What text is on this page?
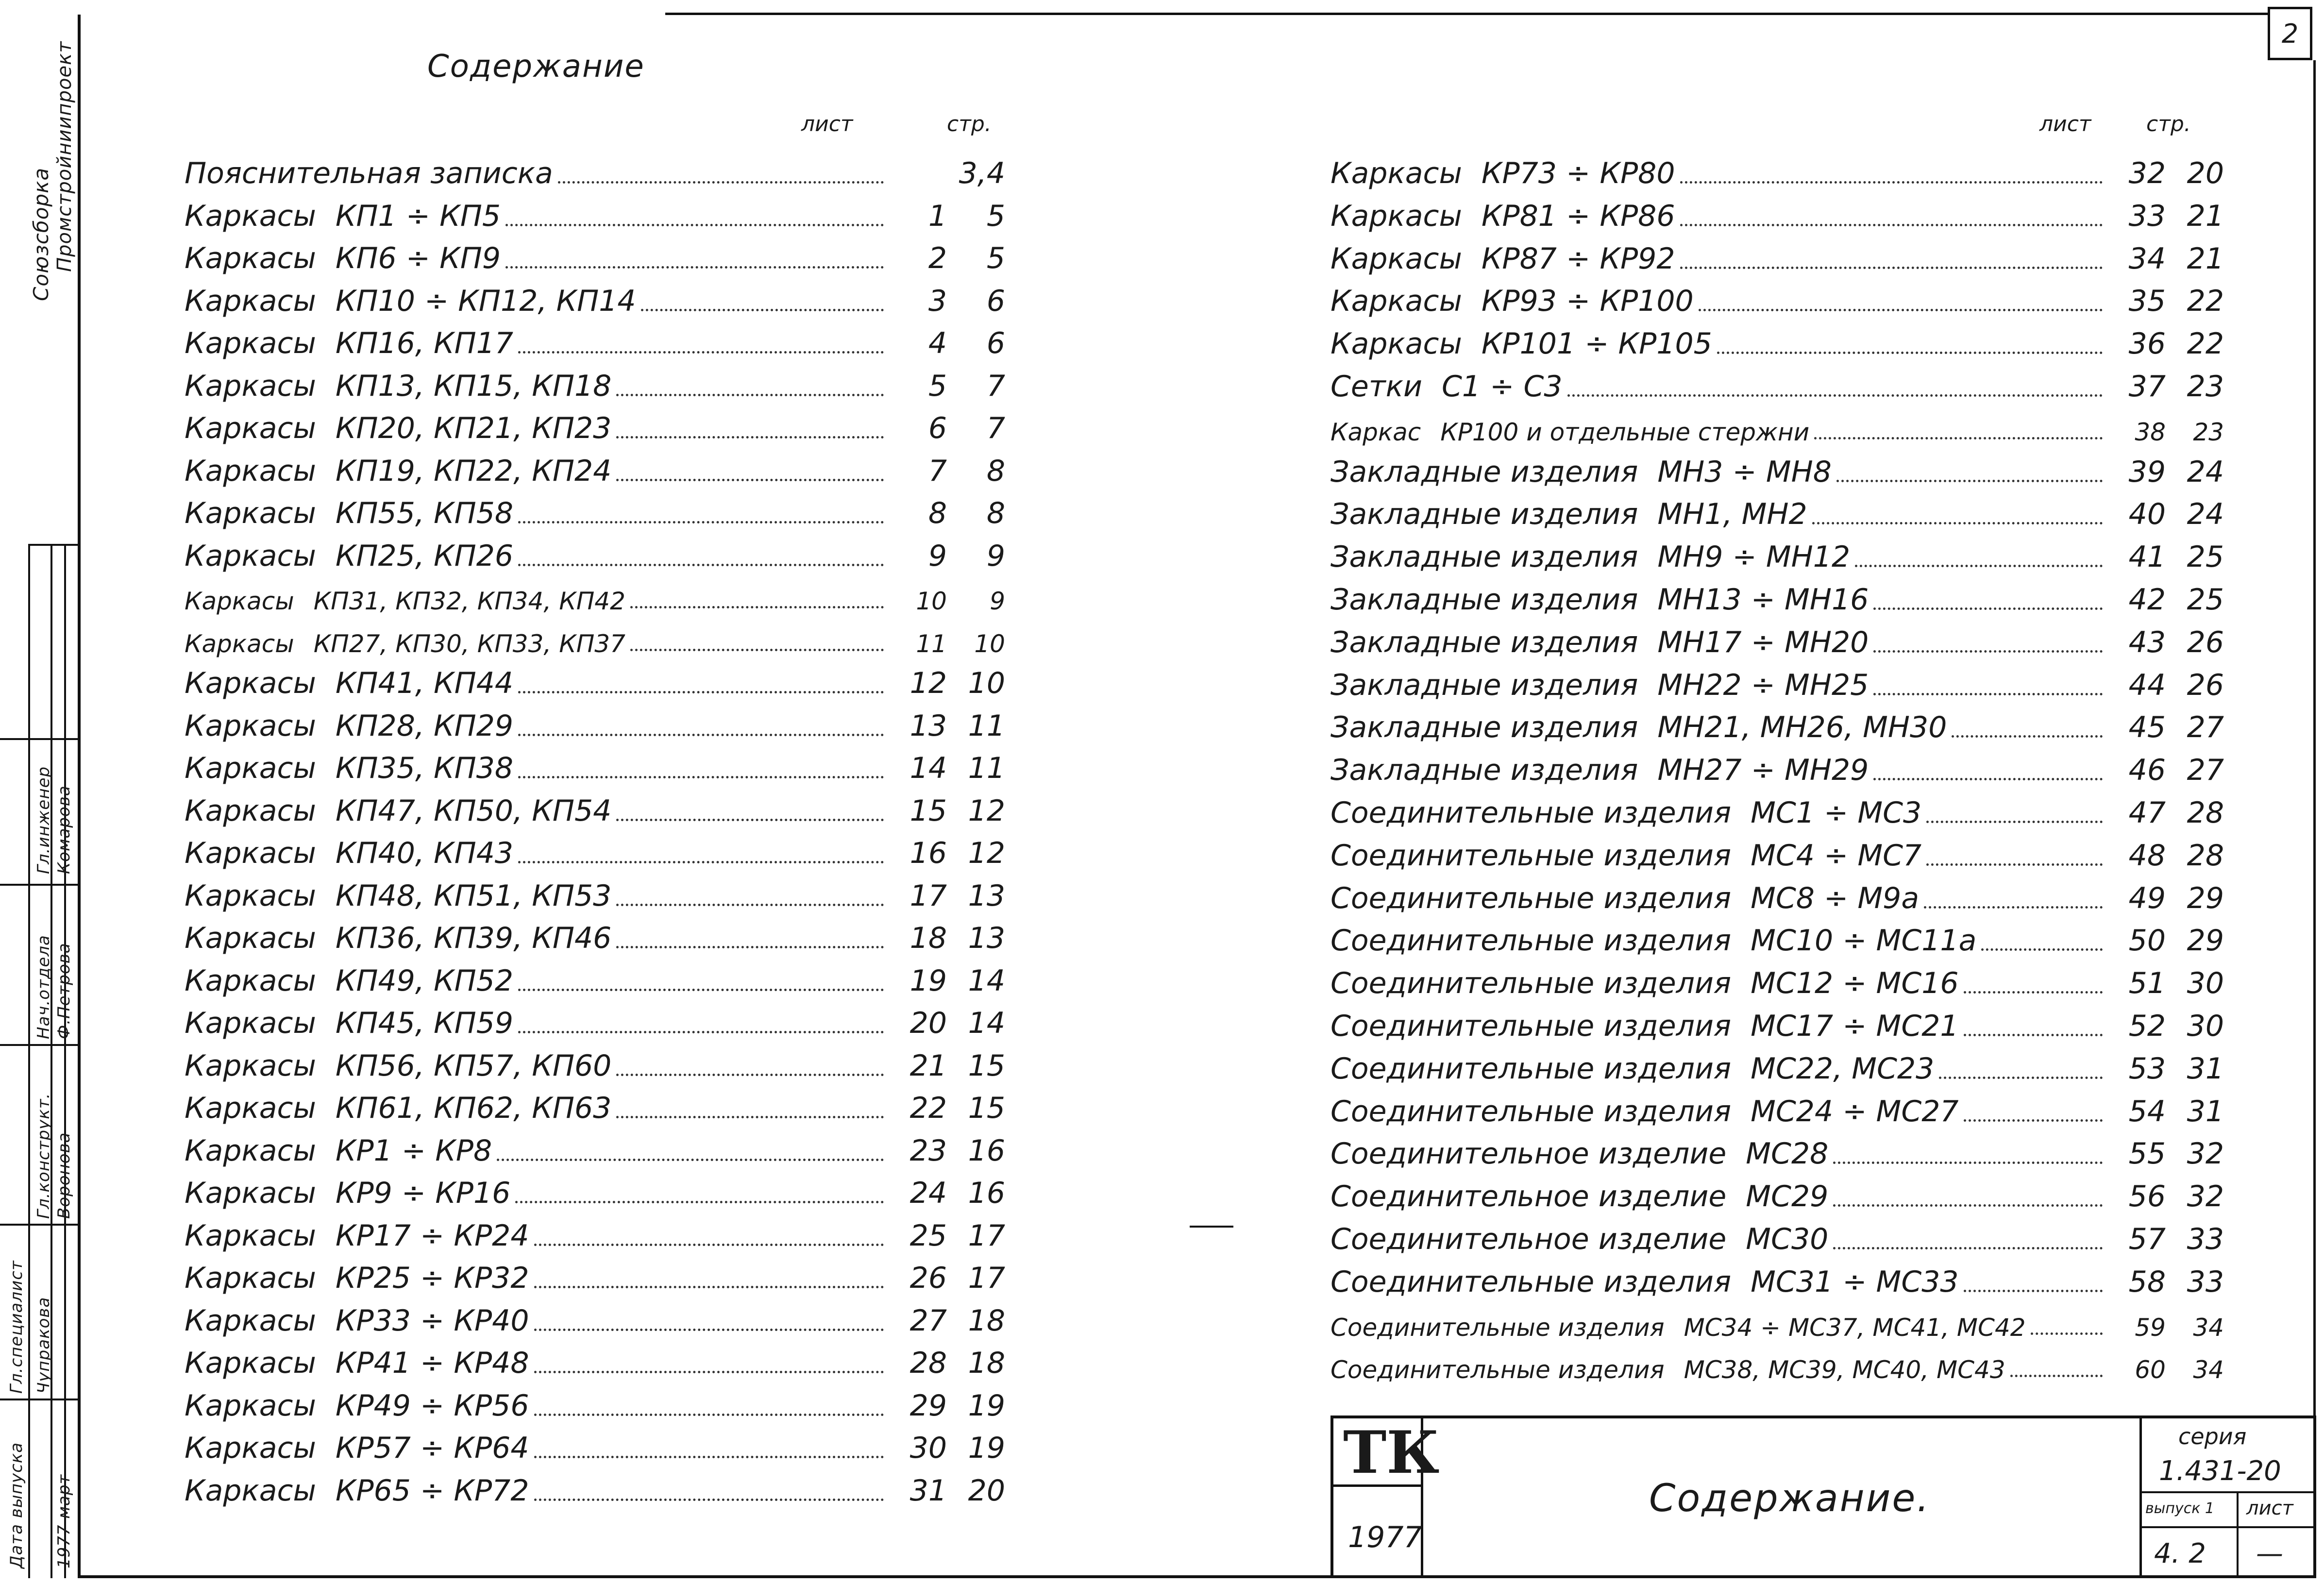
2
Союзсборка Промстройниипроект
Гл.инженер Комарова
Нач.отдела Ф.Петрова
Гл.конструкт. Воронова
Гл.специалист Чупракова
Дата выпуска 1977 март
Содержание
лист	стр.	лист	стр.
Пояснительная записка	3,4
Каркасы КП1 ÷ КП5	1	5
Каркасы КП6 ÷ КП9	2	5
Каркасы КП10 ÷ КП12, КП14	3	6
Каркасы КП16, КП17	4	6
Каркасы КП13, КП15, КП18	5	7
Каркасы КП20, КП21, КП23	6	7
Каркасы КП19, КП22, КП24	7	8
Каркасы КП55, КП58	8	8
Каркасы КП25, КП26	9	9
Каркасы КП31, КП32, КП34, КП42	10	9
Каркасы КП27, КП30, КП33, КП37	11	10
Каркасы КП41, КП44	12 10
Каркасы КП28, КП29	13 11
Каркасы КП35, КП38	14 11
Каркасы КП47, КП50, КП54	15 12
Каркасы КП40, КП43	16 12
Каркасы КП48, КП51, КП53	17 13
Каркасы КП36, КП39, КП46	18 13
Каркасы КП49, КП52	19 14
Каркасы КП45, КП59	20 14
Каркасы КП56, КП57, КП60	21 15
Каркасы КП61, КП62, КП63	22 15
Каркасы КР1 ÷ КР8	23 16
Каркасы КР9 ÷ КР16	24 16
Каркасы КР17 ÷ КР24	25 17
Каркасы КР25 ÷ КР32	26 17
Каркасы КР33 ÷ КР40	27 18
Каркасы КР41 ÷ КР48	28 18
Каркасы КР49 ÷ КР56	29 19
Каркасы КР57 ÷ КР64	30 19
Каркасы КР65 ÷ КР72	31 20
Каркасы КР73 ÷ КР80	32 20
Каркасы КР81 ÷ КР86	33 21
Каркасы КР87 ÷ КР92	34 21
Каркасы КР93 ÷ КР100	35 22
Каркасы КР101 ÷ КР105	36 22
Сетки С1 ÷ С3	37 23
Каркас КР100 и отдельные стержни	38	23
Закладные изделия МН3 ÷ МН8	39 24
Закладные изделия МН1, МН2	40 24
Закладные изделия МН9 ÷ МН12	41 25
Закладные изделия МН13 ÷ МН16	42 25
Закладные изделия МН17 ÷ МН20	43 26
Закладные изделия МН22 ÷ МН25	44 26
Закладные изделия МН21, МН26, МН30	45 27
Закладные изделия МН27 ÷ МН29	46 27
Соединительные изделия МС1 ÷ МС3	47 28
Соединительные изделия МС4 ÷ МС7	48 28
Соединительные изделия МС8 ÷ М9а	49 29
Соединительные изделия МС10 ÷ МС11а	50 29
Соединительные изделия МС12 ÷ МС16	51 30
Соединительные изделия МС17 ÷ МС21	52 30
Соединительные изделия МС22, МС23	53 31
Соединительные изделия МС24 ÷ МС27	54 31
Соединительное изделие МС28	55 32
Соединительное изделие МС29	56 32
Соединительное изделие МС30	57 33
Соединительные изделия МС31 ÷ МС33	58 33
Соединительные изделия МС34 ÷ МС37, МС41, МС42	59	34
Соединительные изделия МС38, МС39, МС40, МС43	60	34
ТК
1977
Содержание.
серия
1.431-20
выпуск 1 лист
4. 2 —
